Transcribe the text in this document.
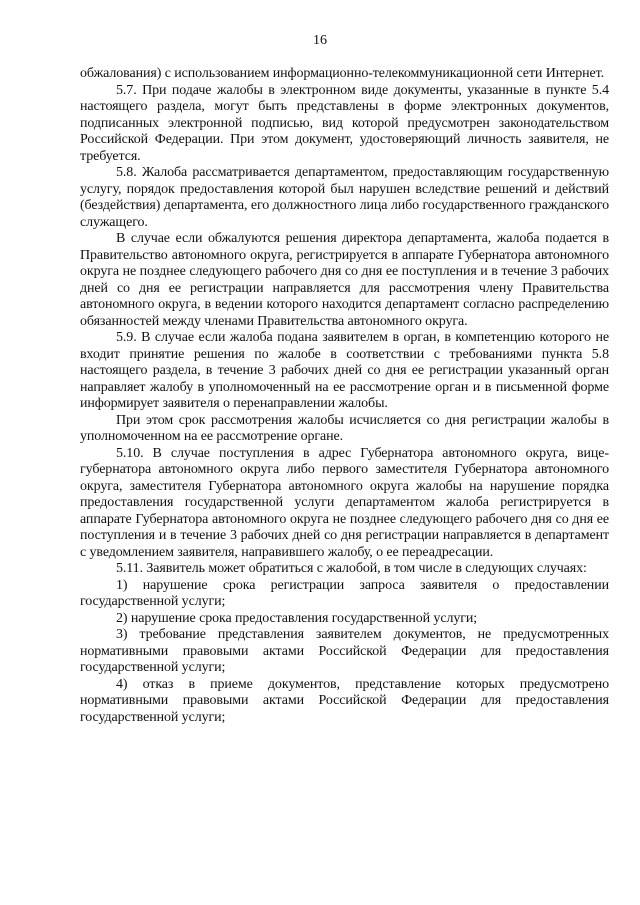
16

обжалования) с использованием информационно-телекоммуникационной сети Интернет.

5.7. При подаче жалобы в электронном виде документы, указанные в пункте 5.4 настоящего раздела, могут быть представлены в форме электронных документов, подписанных электронной подписью, вид которой предусмотрен законодательством Российской Федерации. При этом документ, удостоверяющий личность заявителя, не требуется.

5.8. Жалоба рассматривается департаментом, предоставляющим государственную услугу, порядок предоставления которой был нарушен вследствие решений и действий (бездействия) департамента, его должностного лица либо государственного гражданского служащего.

В случае если обжалуются решения директора департамента, жалоба подается в Правительство автономного округа, регистрируется в аппарате Губернатора автономного округа не позднее следующего рабочего дня со дня ее поступления и в течение 3 рабочих дней со дня ее регистрации направляется для рассмотрения члену Правительства автономного округа, в ведении которого находится департамент согласно распределению обязанностей между членами Правительства автономного округа.

5.9. В случае если жалоба подана заявителем в орган, в компетенцию которого не входит принятие решения по жалобе в соответствии с требованиями пункта 5.8 настоящего раздела, в течение 3 рабочих дней со дня ее регистрации указанный орган направляет жалобу в уполномоченный на ее рассмотрение орган и в письменной форме информирует заявителя о перенаправлении жалобы.

При этом срок рассмотрения жалобы исчисляется со дня регистрации жалобы в уполномоченном на ее рассмотрение органе.

5.10. В случае поступления в адрес Губернатора автономного округа, вице-губернатора автономного округа либо первого заместителя Губернатора автономного округа, заместителя Губернатора автономного округа жалобы на нарушение порядка предоставления государственной услуги департаментом жалоба регистрируется в аппарате Губернатора автономного округа не позднее следующего рабочего дня со дня ее поступления и в течение 3 рабочих дней со дня регистрации направляется в департамент с уведомлением заявителя, направившего жалобу, о ее переадресации.

5.11. Заявитель может обратиться с жалобой, в том числе в следующих случаях:

1) нарушение срока регистрации запроса заявителя о предоставлении государственной услуги;

2) нарушение срока предоставления государственной услуги;

3) требование представления заявителем документов, не предусмотренных нормативными правовыми актами Российской Федерации для предоставления государственной услуги;

4) отказ в приеме документов, представление которых предусмотрено нормативными правовыми актами Российской Федерации для предоставления государственной услуги;
